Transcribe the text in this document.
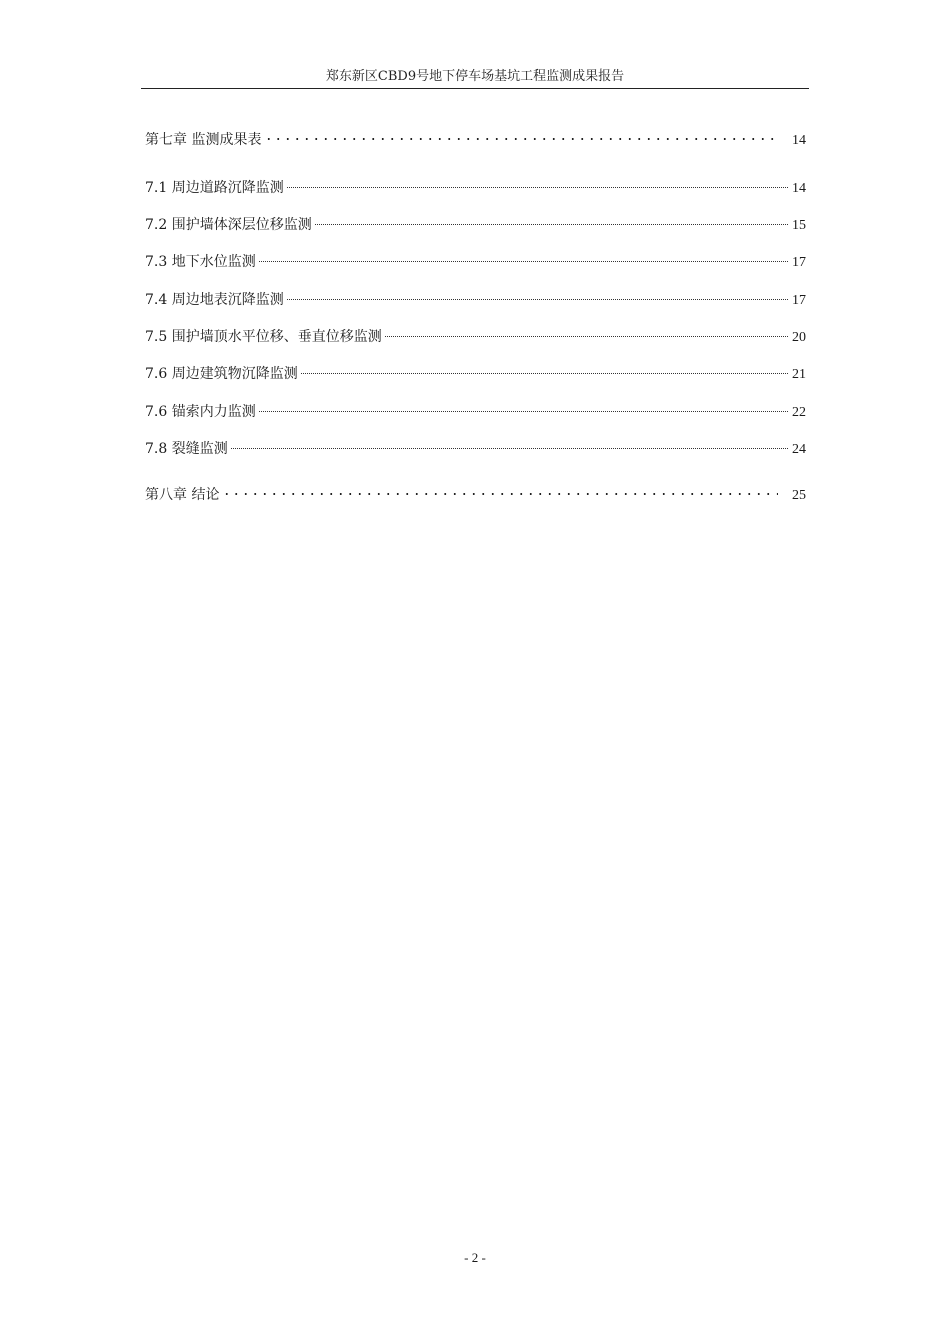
郑东新区CBD9号地下停车场基坑工程监测成果报告
第七章 监测成果表	14
7.1 周边道路沉降监测	14
7.2 围护墙体深层位移监测	15
7.3 地下水位监测	17
7.4 周边地表沉降监测	17
7.5 围护墙顶水平位移、垂直位移监测	20
7.6 周边建筑物沉降监测	21
7.6 锚索内力监测	22
7.8 裂缝监测	24
第八章 结论	25
- 2 -
